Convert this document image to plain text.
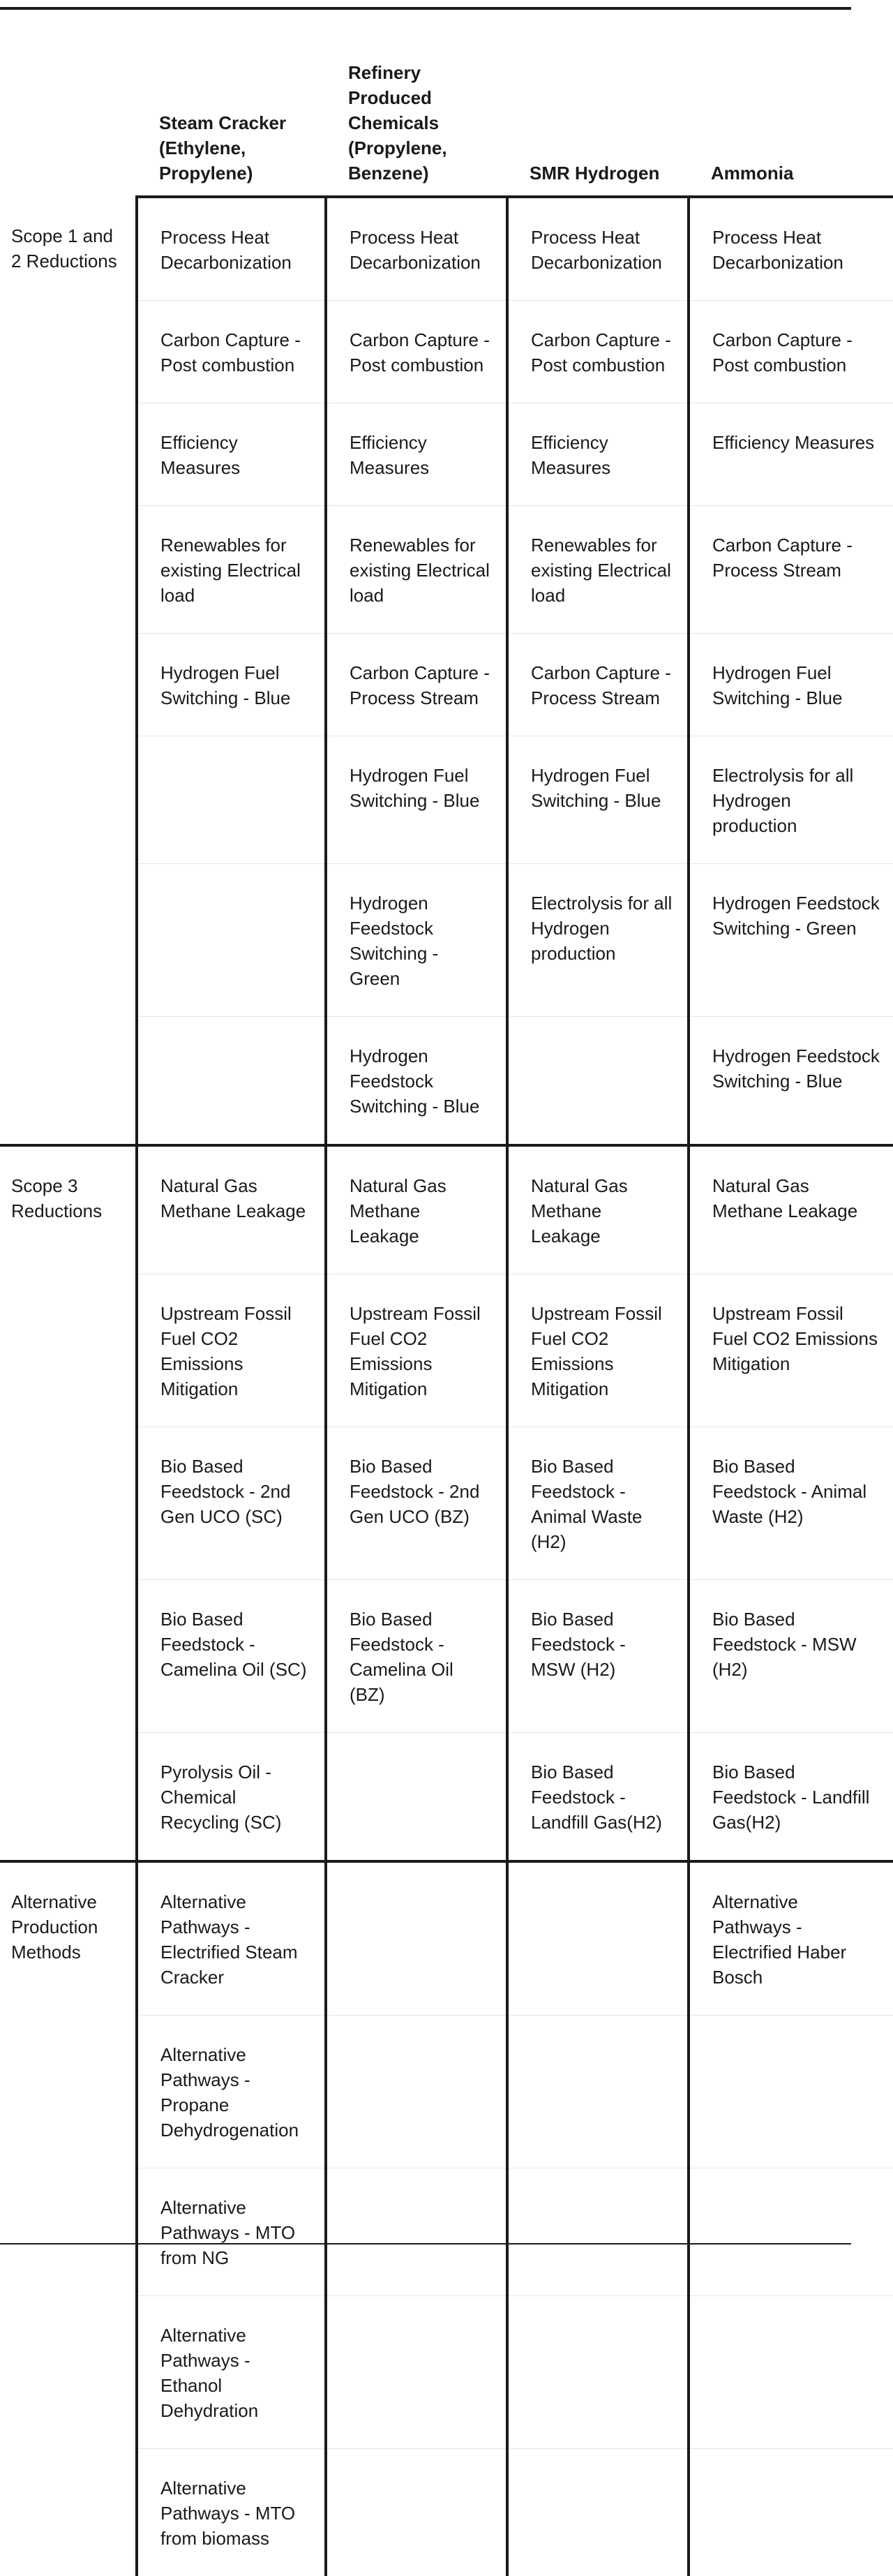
	Steam Cracker (Ethylene, Propylene)	Refinery Produced Chemicals (Propylene, Benzene)	SMR Hydrogen	Ammonia

Scope 1 and 2 Reductions	Process Heat Decarbonization	Process Heat Decarbonization	Process Heat Decarbonization	Process Heat Decarbonization

	Carbon Capture - Post combustion	Carbon Capture - Post combustion	Carbon Capture - Post combustion	Carbon Capture - Post combustion

	Efficiency Measures	Efficiency Measures	Efficiency Measures	Efficiency Measures

	Renewables for existing Electrical load	Renewables for existing Electrical load	Renewables for existing Electrical load	Carbon Capture - Process Stream

	Hydrogen Fuel Switching - Blue	Carbon Capture - Process Stream	Carbon Capture - Process Stream	Hydrogen Fuel Switching - Blue

		Hydrogen Fuel Switching - Blue	Hydrogen Fuel Switching - Blue	Electrolysis for all Hydrogen production

		Hydrogen Feedstock Switching - Green	Electrolysis for all Hydrogen production	Hydrogen Feedstock Switching - Green

		Hydrogen Feedstock Switching - Blue		Hydrogen Feedstock Switching - Blue

Scope 3 Reductions	Natural Gas Methane Leakage	Natural Gas Methane Leakage	Natural Gas Methane Leakage	Natural Gas Methane Leakage

	Upstream Fossil Fuel CO2 Emissions Mitigation	Upstream Fossil Fuel CO2 Emissions Mitigation	Upstream Fossil Fuel CO2 Emissions Mitigation	Upstream Fossil Fuel CO2 Emissions Mitigation

	Bio Based Feedstock - 2nd Gen UCO (SC)	Bio Based Feedstock - 2nd Gen UCO (BZ)	Bio Based Feedstock - Animal Waste (H2)	Bio Based Feedstock - Animal Waste (H2)

	Bio Based Feedstock - Camelina Oil (SC)	Bio Based Feedstock - Camelina Oil (BZ)	Bio Based Feedstock - MSW (H2)	Bio Based Feedstock - MSW (H2)

	Pyrolysis Oil - Chemical Recycling (SC)		Bio Based Feedstock - Landfill Gas(H2)	Bio Based Feedstock - Landfill Gas(H2)

Alternative Production Methods	Alternative Pathways - Electrified Steam Cracker			Alternative Pathways - Electrified Haber Bosch

	Alternative Pathways - Propane Dehydrogenation			

	Alternative Pathways - MTO from NG			

	Alternative Pathways - Ethanol Dehydration			

	Alternative Pathways - MTO from biomass			
